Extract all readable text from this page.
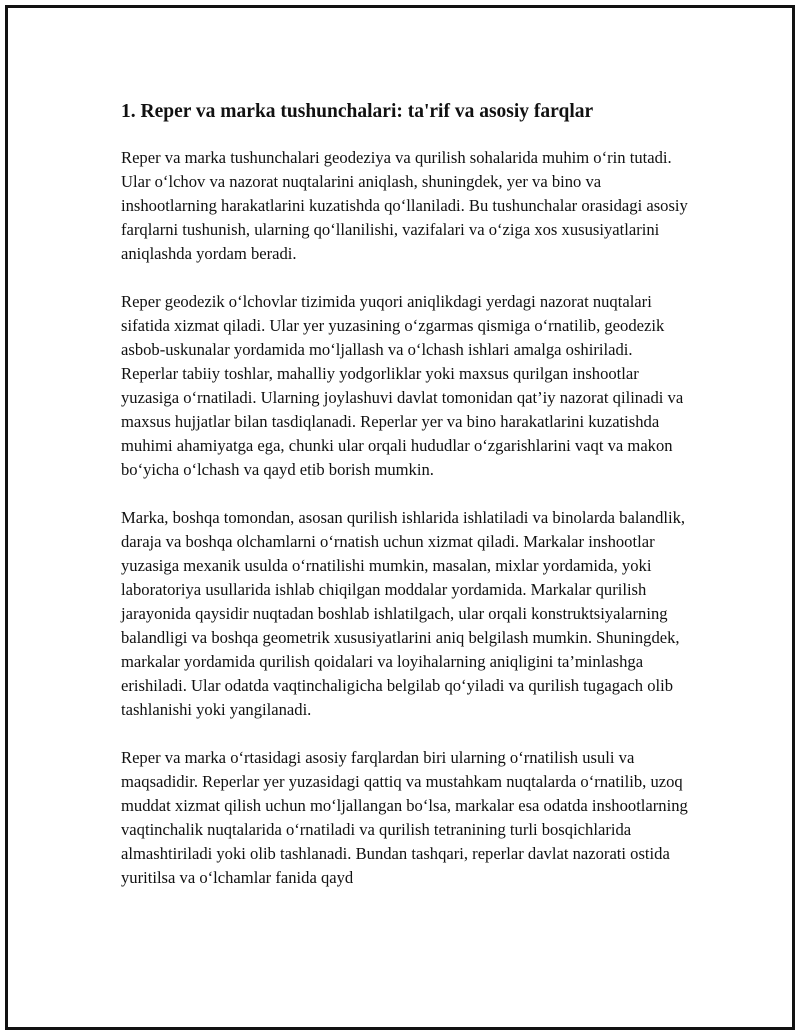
1. Reper va marka tushunchalari: ta'rif va asosiy farqlar

Reper va marka tushunchalari geodeziya va qurilish sohalarida muhim o‘rin tutadi. Ular o‘lchov va nazorat nuqtalarini aniqlash, shuningdek, yer va bino va inshootlarning harakatlarini kuzatishda qo‘llaniladi. Bu tushunchalar orasidagi asosiy farqlarni tushunish, ularning qo‘llanilishi, vazifalari va o‘ziga xos xususiyatlarini aniqlashda yordam beradi.

Reper geodezik o‘lchovlar tizimida yuqori aniqlikdagi yerdagi nazorat nuqtalari sifatida xizmat qiladi. Ular yer yuzasining o‘zgarmas qismiga o‘rnatilib, geodezik asbob-uskunalar yordamida mo‘ljallash va o‘lchash ishlari amalga oshiriladi. Reperlar tabiiy toshlar, mahalliy yodgorliklar yoki maxsus qurilgan inshootlar yuzasiga o‘rnatiladi. Ularning joylashuvi davlat tomonidan qat’iy nazorat qilinadi va maxsus hujjatlar bilan tasdiqlanadi. Reperlar yer va bino harakatlarini kuzatishda muhimi ahamiyatga ega, chunki ular orqali hududlar o‘zgarishlarini vaqt va makon bo‘yicha o‘lchash va qayd etib borish mumkin.

Marka, boshqa tomondan, asosan qurilish ishlarida ishlatiladi va binolarda balandlik, daraja va boshqa olchamlarni o‘rnatish uchun xizmat qiladi. Markalar inshootlar yuzasiga mexanik usulda o‘rnatilishi mumkin, masalan, mixlar yordamida, yoki laboratoriya usullarida ishlab chiqilgan moddalar yordamida. Markalar qurilish jarayonida qaysidir nuqtadan boshlab ishlatilgach, ular orqali konstruktsiyalarning balandligi va boshqa geometrik xususiyatlarini aniq belgilash mumkin. Shuningdek, markalar yordamida qurilish qoidalari va loyihalarning aniqligini ta’minlashga erishiladi. Ular odatda vaqtinchaligicha belgilab qo‘yiladi va qurilish tugagach olib tashlanishi yoki yangilanadi.

Reper va marka o‘rtasidagi asosiy farqlardan biri ularning o‘rnatilish usuli va maqsadidir. Reperlar yer yuzasidagi qattiq va mustahkam nuqtalarda o‘rnatilib, uzoq muddat xizmat qilish uchun mo‘ljallangan bo‘lsa, markalar esa odatda inshootlarning vaqtinchalik nuqtalarida o‘rnatiladi va qurilish tetranining turli bosqichlarida almashtiriladi yoki olib tashlanadi. Bundan tashqari, reperlar davlat nazorati ostida yuritilsa va o‘lchamlar fanida qayd
